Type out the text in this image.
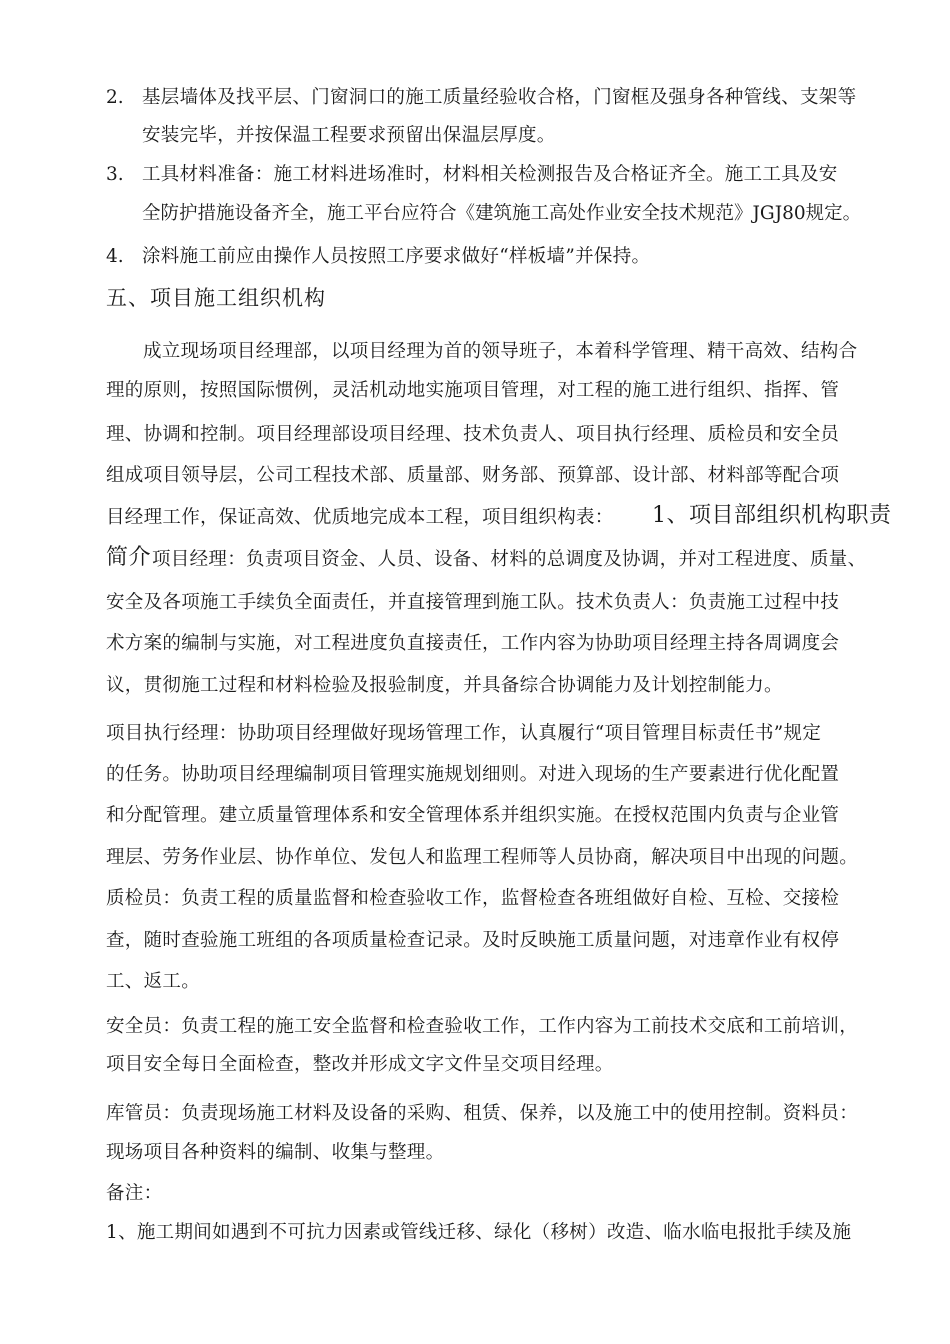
2. 基层墙体及找平层、门窗洞口的施工质量经验收合格，门窗框及强身各种管线、支架等
安装完毕，并按保温工程要求预留出保温层厚度。
3. 工具材料准备：施工材料进场准时，材料相关检测报告及合格证齐全。施工工具及安
全防护措施设备齐全，施工平台应符合《建筑施工高处作业安全技术规范》JGJ80规定。
4. 涂料施工前应由操作人员按照工序要求做好“样板墙”并保持。
五、项目施工组织机构
成立现场项目经理部，以项目经理为首的领导班子，本着科学管理、精干高效、结构合
理的原则，按照国际惯例，灵活机动地实施项目管理，对工程的施工进行组织、指挥、管
理、协调和控制。项目经理部设项目经理、技术负责人、项目执行经理、质检员和安全员
组成项目领导层，公司工程技术部、质量部、财务部、预算部、设计部、材料部等配合项
目经理工作，保证高效、优质地完成本工程，项目组织构表：	1、项目部组织机构职责
简介 项目经理：负责项目资金、人员、设备、材料的总调度及协调，并对工程进度、质量、
安全及各项施工手续负全面责任，并直接管理到施工队。技术负责人：负责施工过程中技
术方案的编制与实施，对工程进度负直接责任，工作内容为协助项目经理主持各周调度会
议，贯彻施工过程和材料检验及报验制度，并具备综合协调能力及计划控制能力。
项目执行经理：协助项目经理做好现场管理工作，认真履行“项目管理目标责任书”规定
的任务。协助项目经理编制项目管理实施规划细则。对进入现场的生产要素进行优化配置
和分配管理。建立质量管理体系和安全管理体系并组织实施。在授权范围内负责与企业管
理层、劳务作业层、协作单位、发包人和监理工程师等人员协商，解决项目中出现的问题。
质检员：负责工程的质量监督和检查验收工作，监督检查各班组做好自检、互检、交接检
查，随时查验施工班组的各项质量检查记录。及时反映施工质量问题，对违章作业有权停
工、返工。
安全员：负责工程的施工安全监督和检查验收工作，工作内容为工前技术交底和工前培训，
项目安全每日全面检查，整改并形成文字文件呈交项目经理。
库管员：负责现场施工材料及设备的采购、租赁、保养，以及施工中的使用控制。资料员：
现场项目各种资料的编制、收集与整理。
备注：
1、施工期间如遇到不可抗力因素或管线迁移、绿化（移树）改造、临水临电报批手续及施
